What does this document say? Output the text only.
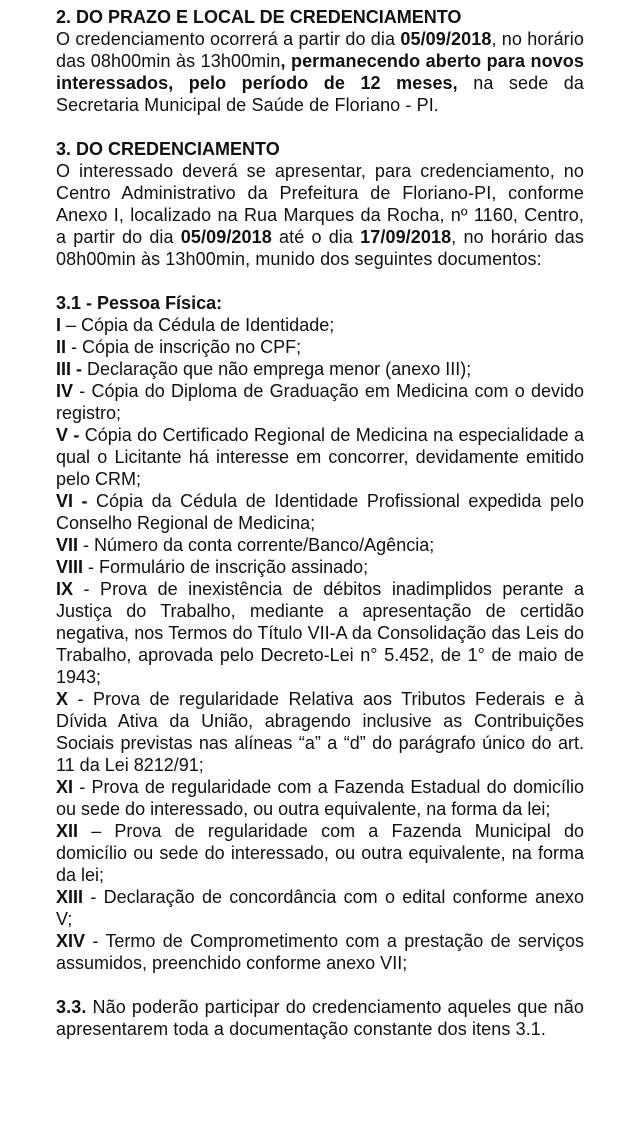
2. DO PRAZO E LOCAL DE CREDENCIAMENTO

O credenciamento ocorrerá a partir do dia 05/09/2018, no horário das 08h00min às 13h00min, permanecendo aberto para novos interessados, pelo período de 12 meses, na sede da Secretaria Municipal de Saúde de Floriano - PI.

3. DO CREDENCIAMENTO

O interessado deverá se apresentar, para credenciamento, no Centro Administrativo da Prefeitura de Floriano-PI, conforme Anexo I, localizado na Rua Marques da Rocha, nº 1160, Centro, a partir do dia 05/09/2018 até o dia 17/09/2018, no horário das 08h00min às 13h00min, munido dos seguintes documentos:

3.1 - Pessoa Física:

I – Cópia da Cédula de Identidade;

II - Cópia de inscrição no CPF;

III - Declaração que não emprega menor (anexo III);

IV - Cópia do Diploma de Graduação em Medicina com o devido registro;

V - Cópia do Certificado Regional de Medicina na especialidade a qual o Licitante há interesse em concorrer, devidamente emitido pelo CRM;

VI - Cópia da Cédula de Identidade Profissional expedida pelo Conselho Regional de Medicina;

VII - Número da conta corrente/Banco/Agência;

VIII - Formulário de inscrição assinado;

IX - Prova de inexistência de débitos inadimplidos perante a Justiça do Trabalho, mediante a apresentação de certidão negativa, nos Termos do Título VII-A da Consolidação das Leis do Trabalho, aprovada pelo Decreto-Lei n° 5.452, de 1° de maio de 1943;

X - Prova de regularidade Relativa aos Tributos Federais e à Dívida Ativa da União, abragendo inclusive as Contribuições Sociais previstas nas alíneas “a” a “d” do parágrafo único do art. 11 da Lei 8212/91;

XI - Prova de regularidade com a Fazenda Estadual do domicílio ou sede do interessado, ou outra equivalente, na forma da lei;

XII – Prova de regularidade com a Fazenda Municipal do domicílio ou sede do interessado, ou outra equivalente, na forma da lei;

XIII - Declaração de concordância com o edital conforme anexo V;

XIV - Termo de Comprometimento com a prestação de serviços assumidos, preenchido conforme anexo VII;

3.3. Não poderão participar do credenciamento aqueles que não apresentarem toda a documentação constante dos itens 3.1.
